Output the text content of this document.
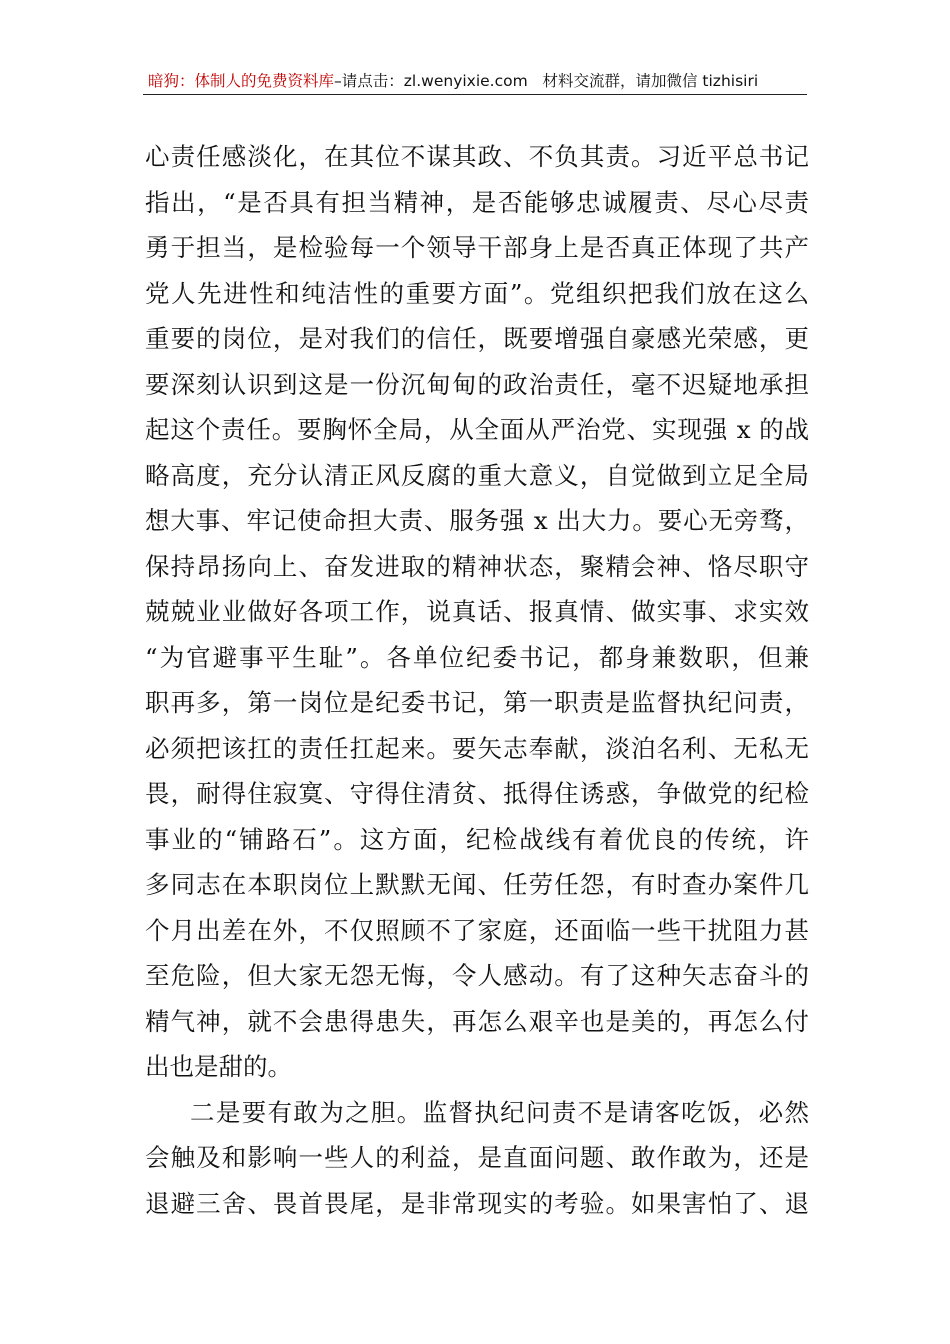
暗狗：体制人的免费资料库–请点击：zl.wenyixie.com 材料交流群，请加微信 tizhisiri
心责任感淡化，在其位不谋其政、不负其责。习近平总书记
指出，“是否具有担当精神，是否能够忠诚履责、尽心尽责
勇于担当，是检验每一个领导干部身上是否真正体现了共产
党人先进性和纯洁性的重要方面”。党组织把我们放在这么
重要的岗位，是对我们的信任，既要增强自豪感光荣感，更
要深刻认识到这是一份沉甸甸的政治责任，毫不迟疑地承担
起这个责任。要胸怀全局，从全面从严治党、实现强 x 的战
略高度，充分认清正风反腐的重大意义，自觉做到立足全局
想大事、牢记使命担大责、服务强 x 出大力。要心无旁骛，
保持昂扬向上、奋发进取的精神状态，聚精会神、恪尽职守
兢兢业业做好各项工作，说真话、报真情、做实事、求实效
“为官避事平生耻”。各单位纪委书记，都身兼数职，但兼
职再多，第一岗位是纪委书记，第一职责是监督执纪问责，
必须把该扛的责任扛起来。要矢志奉献，淡泊名利、无私无
畏，耐得住寂寞、守得住清贫、抵得住诱惑，争做党的纪检
事业的“铺路石”。这方面，纪检战线有着优良的传统，许
多同志在本职岗位上默默无闻、任劳任怨，有时查办案件几
个月出差在外，不仅照顾不了家庭，还面临一些干扰阻力甚
至危险，但大家无怨无悔，令人感动。有了这种矢志奋斗的
精气神，就不会患得患失，再怎么艰辛也是美的，再怎么付
出也是甜的。
二是要有敢为之胆。监督执纪问责不是请客吃饭，必然
会触及和影响一些人的利益，是直面问题、敢作敢为，还是
退避三舍、畏首畏尾，是非常现实的考验。如果害怕了、退
